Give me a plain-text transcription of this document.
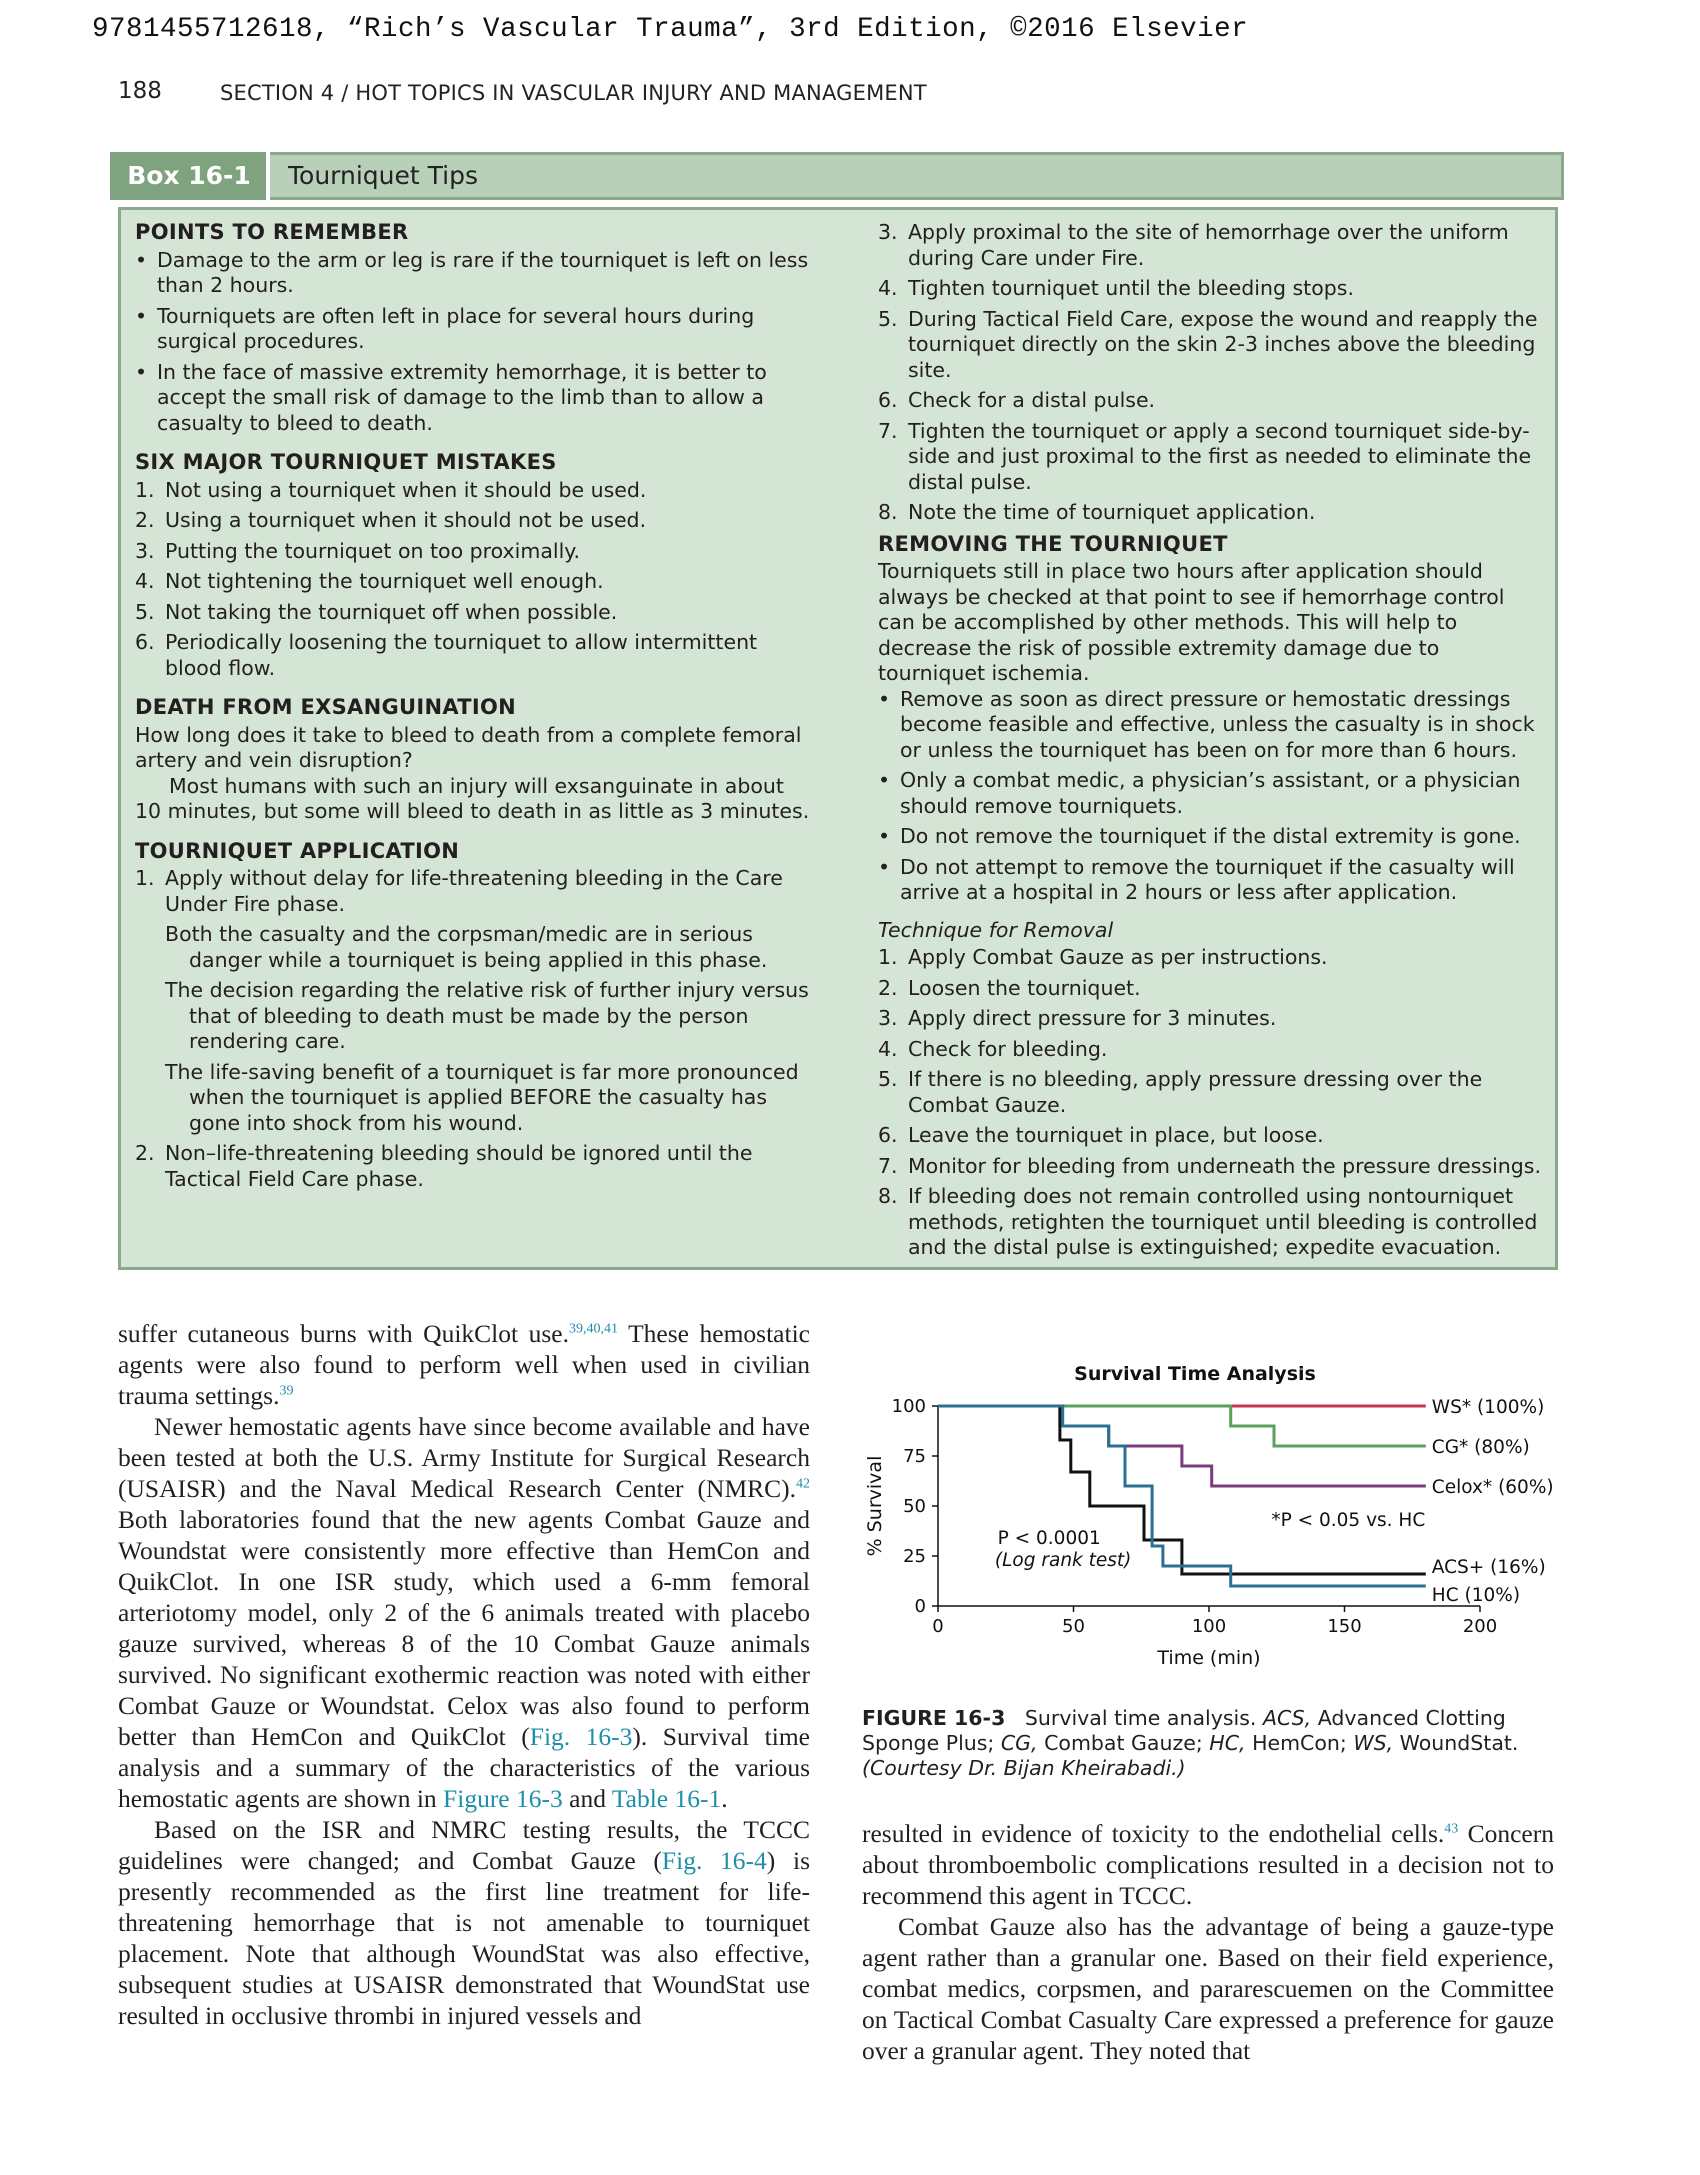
9781455712618, “Rich’s Vascular Trauma”, 3rd Edition, ©2016 Elsevier
188	SECTION 4 / HOT TOPICS IN VASCULAR INJURY AND MANAGEMENT
Box 16-1	Tourniquet Tips
POINTS TO REMEMBER
• Damage to the arm or leg is rare if the tourniquet is left on less than 2 hours.
• Tourniquets are often left in place for several hours during surgical procedures.
• In the face of massive extremity hemorrhage, it is better to accept the small risk of damage to the limb than to allow a casualty to bleed to death.
SIX MAJOR TOURNIQUET MISTAKES
1. Not using a tourniquet when it should be used.
2. Using a tourniquet when it should not be used.
3. Putting the tourniquet on too proximally.
4. Not tightening the tourniquet well enough.
5. Not taking the tourniquet off when possible.
6. Periodically loosening the tourniquet to allow intermittent blood flow.
DEATH FROM EXSANGUINATION

How long does it take to bleed to death from a complete femoral artery and vein disruption?

Most humans with such an injury will exsanguinate in about 10 minutes, but some will bleed to death in as little as 3 minutes.

TOURNIQUET APPLICATION
1. Apply without delay for life-threatening bleeding in the Care Under Fire phase.
Both the casualty and the corpsman/medic are in serious danger while a tourniquet is being applied in this phase.
The decision regarding the relative risk of further injury versus that of bleeding to death must be made by the person rendering care.
The life-saving benefit of a tourniquet is far more pronounced when the tourniquet is applied BEFORE the casualty has gone into shock from his wound.
2. Non–life-threatening bleeding should be ignored until the Tactical Field Care phase.
3. Apply proximal to the site of hemorrhage over the uniform during Care under Fire.
4. Tighten tourniquet until the bleeding stops.
5. During Tactical Field Care, expose the wound and reapply the tourniquet directly on the skin 2-3 inches above the bleeding site.
6. Check for a distal pulse.
7. Tighten the tourniquet or apply a second tourniquet side-by-side and just proximal to the first as needed to eliminate the distal pulse.
8. Note the time of tourniquet application.
REMOVING THE TOURNIQUET

Tourniquets still in place two hours after application should always be checked at that point to see if hemorrhage control can be accomplished by other methods. This will help to decrease the risk of possible extremity damage due to tourniquet ischemia.

• Remove as soon as direct pressure or hemostatic dressings become feasible and effective, unless the casualty is in shock or unless the tourniquet has been on for more than 6 hours.
• Only a combat medic, a physician’s assistant, or a physician should remove tourniquets.
• Do not remove the tourniquet if the distal extremity is gone.
• Do not attempt to remove the tourniquet if the casualty will arrive at a hospital in 2 hours or less after application.
Technique for Removal
1. Apply Combat Gauze as per instructions.
2. Loosen the tourniquet.
3. Apply direct pressure for 3 minutes.
4. Check for bleeding.
5. If there is no bleeding, apply pressure dressing over the Combat Gauze.
6. Leave the tourniquet in place, but loose.
7. Monitor for bleeding from underneath the pressure dressings.
8. If bleeding does not remain controlled using nontourniquet methods, retighten the tourniquet until bleeding is controlled and the distal pulse is extinguished; expedite evacuation.

suffer cutaneous burns with QuikClot use.$^{39,40,41}$ These hemostatic agents were also found to perform well when used in civilian trauma settings.$^{39}$

Newer hemostatic agents have since become available and have been tested at both the U.S. Army Institute for Surgical Research (USAISR) and the Naval Medical Research Center (NMRC).$^{42}$ Both laboratories found that the new agents Combat Gauze and Woundstat were consistently more effective than HemCon and QuikClot. In one ISR study, which used a 6-mm femoral arteriotomy model, only 2 of the 6 animals treated with placebo gauze survived, whereas 8 of the 10 Combat Gauze animals survived. No significant exothermic reaction was noted with either Combat Gauze or Woundstat. Celox was also found to perform better than HemCon and QuikClot (Fig. 16-3). Survival time analysis and a summary of the characteristics of the various hemostatic agents are shown in Figure 16-3 and Table 16-1.

Based on the ISR and NMRC testing results, the TCCC guidelines were changed; and Combat Gauze (Fig. 16-4) is presently recommended as the first line treatment for life-threatening hemorrhage that is not amenable to tourniquet placement. Note that although WoundStat was also effective, subsequent studies at USAISR demonstrated that WoundStat use resulted in occlusive thrombi in injured vessels and

Survival Time Analysis
0
25
50
75
100
0	50	100	150	200
Time (min)
% Survival
WS* (100%)
CG* (80%)
Celox* (60%)
ACS+ (16%)
HC (10%)
P < 0.0001
(Log rank test)
*P < 0.05 vs. HC
FIGURE 16-3 Survival time analysis. ACS, Advanced Clotting Sponge Plus; CG, Combat Gauze; HC, HemCon; WS, WoundStat. (Courtesy Dr. Bijan Kheirabadi.)

resulted in evidence of toxicity to the endothelial cells.$^{43}$ Concern about thromboembolic complications resulted in a decision not to recommend this agent in TCCC.

Combat Gauze also has the advantage of being a gauze-type agent rather than a granular one. Based on their field experience, combat medics, corpsmen, and pararescuemen on the Committee on Tactical Combat Casualty Care expressed a preference for gauze over a granular agent. They noted that
